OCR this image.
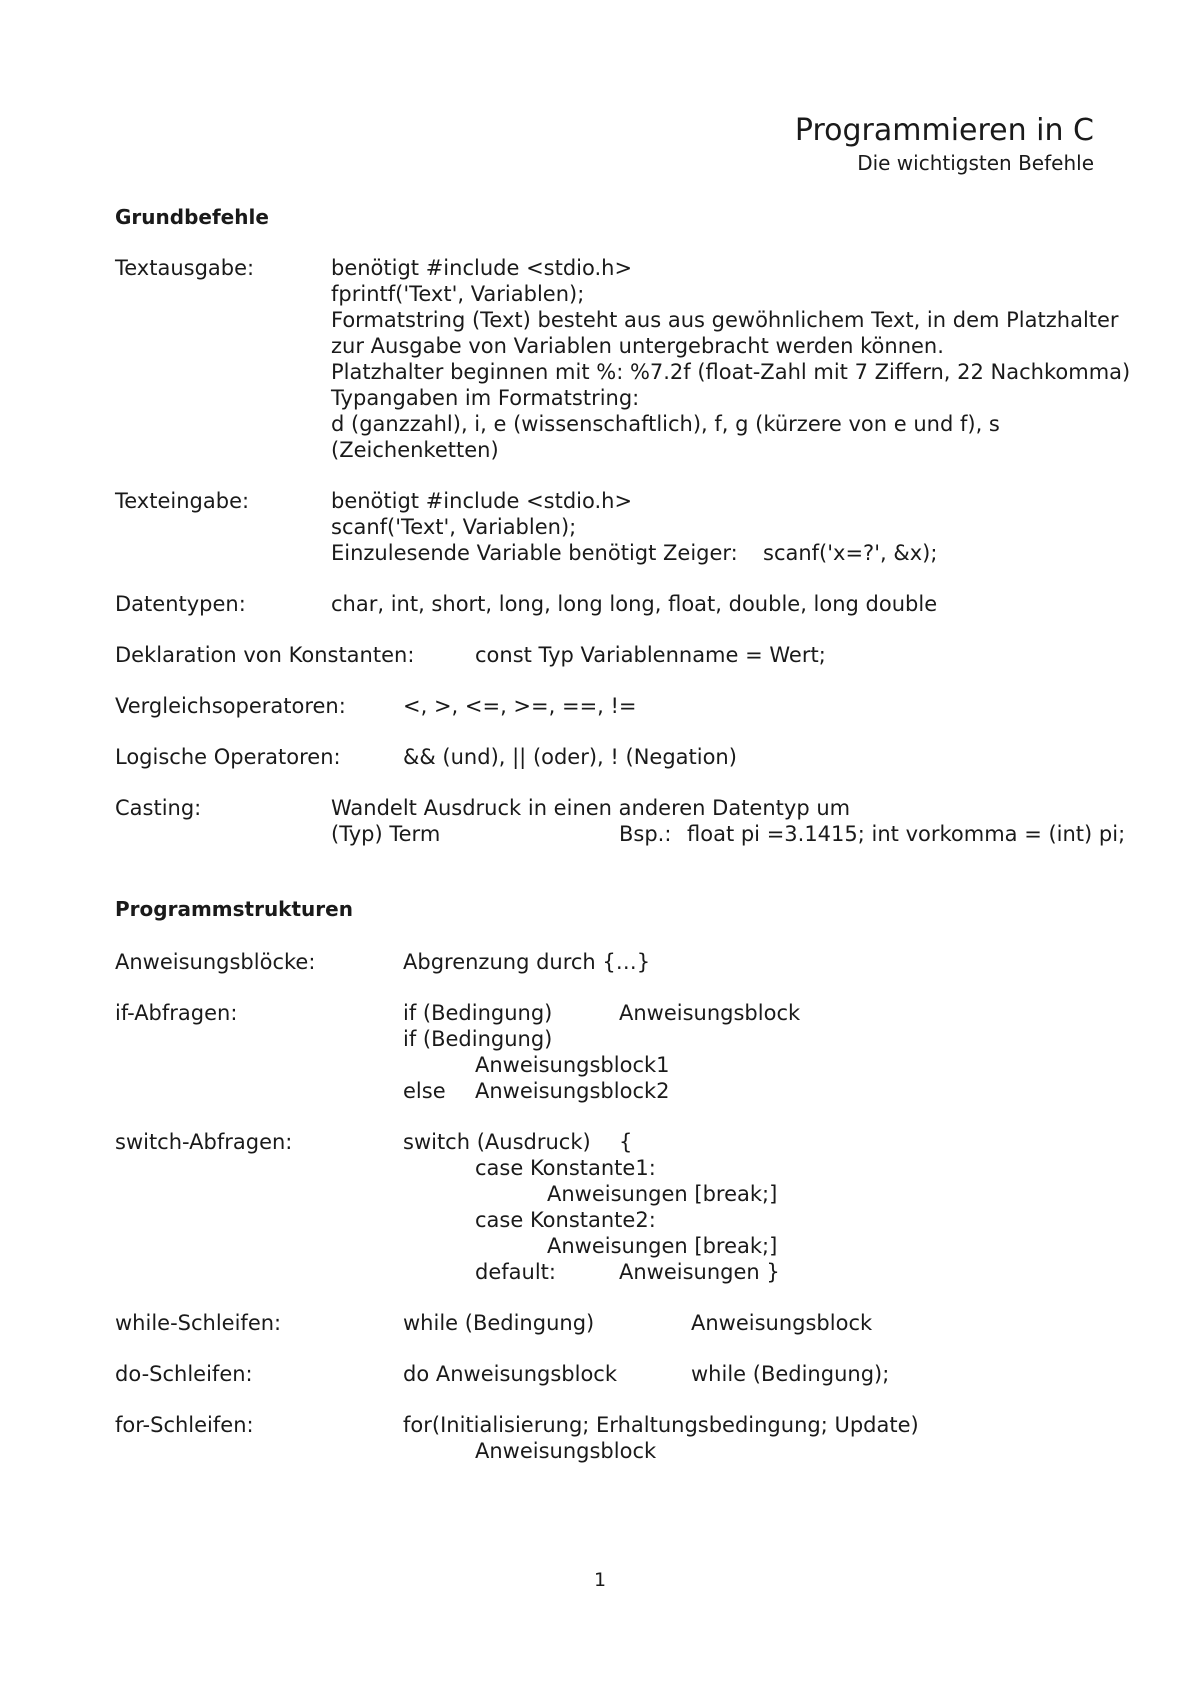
Programmieren in C
Die wichtigsten Befehle
Grundbefehle
Textausgabe:	benötigt #include <stdio.h>
fprintf('Text', Variablen);
Formatstring (Text) besteht aus aus gewöhnlichem Text, in dem Platzhalter
zur Ausgabe von Variablen untergebracht werden können.
Platzhalter beginnen mit %: %7.2f (float-Zahl mit 7 Ziffern, 22 Nachkomma)
Typangaben im Formatstring:
d (ganzzahl), i, e (wissenschaftlich), f, g (kürzere von e und f), s
(Zeichenketten)
Texteingabe:	benötigt #include <stdio.h>
scanf('Text', Variablen);
Einzulesende Variable benötigt Zeiger: scanf('x=?', &x);
Datentypen:	char, int, short, long, long long, float, double, long double
Deklaration von Konstanten:	const Typ Variablenname = Wert;
Vergleichsoperatoren:	<, >, <=, >=, ==, !=
Logische Operatoren:	&& (und), || (oder), ! (Negation)
Casting:	Wandelt Ausdruck in einen anderen Datentyp um
(Typ) Term	Bsp.: float pi =3.1415; int vorkomma = (int) pi;
Programmstrukturen
Anweisungsblöcke:	Abgrenzung durch {…}
if-Abfragen:	if (Bedingung)	Anweisungsblock
if (Bedingung)
Anweisungsblock1
else Anweisungsblock2
switch-Abfragen:	switch (Ausdruck) {
case Konstante1:
Anweisungen [break;]
case Konstante2:
Anweisungen [break;]
default:	Anweisungen }
while-Schleifen:	while (Bedingung)	Anweisungsblock
do-Schleifen:	do Anweisungsblock	while (Bedingung);
for-Schleifen:	for(Initialisierung; Erhaltungsbedingung; Update)
Anweisungsblock
1
